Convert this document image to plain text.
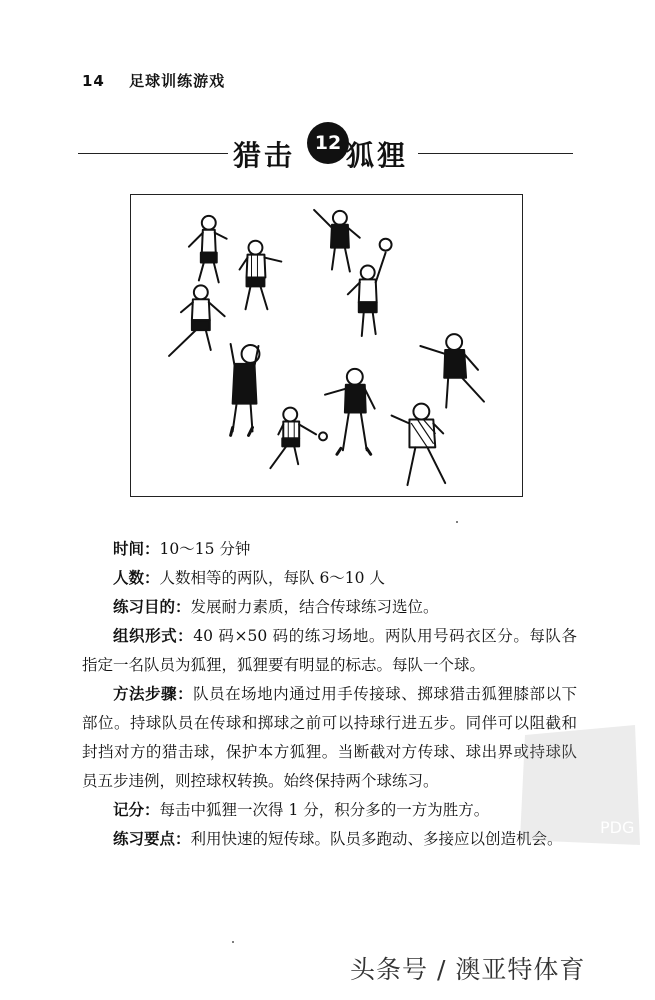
14 足球训练游戏
猎击	12 狐狸

时间：10～15 分钟

人数：人数相等的两队，每队 6～10 人

练习目的：发展耐力素质，结合传球练习选位。

组织形式：40 码×50 码的练习场地。两队用号码衣区分。每队各指定一名队员为狐狸，狐狸要有明显的标志。每队一个球。

方法步骤：队员在场地内通过用手传接球、掷球猎击狐狸膝部以下部位。持球队员在传球和掷球之前可以持球行进五步。同伴可以阻截和封挡对方的猎击球，保护本方狐狸。当断截对方传球、球出界或持球队员五步违例，则控球权转换。始终保持两个球练习。

记分：每击中狐狸一次得 1 分，积分多的一方为胜方。

练习要点：利用快速的短传球。队员多跑动、多接应以创造机会。

PDG
头条号 / 澳亚特体育
